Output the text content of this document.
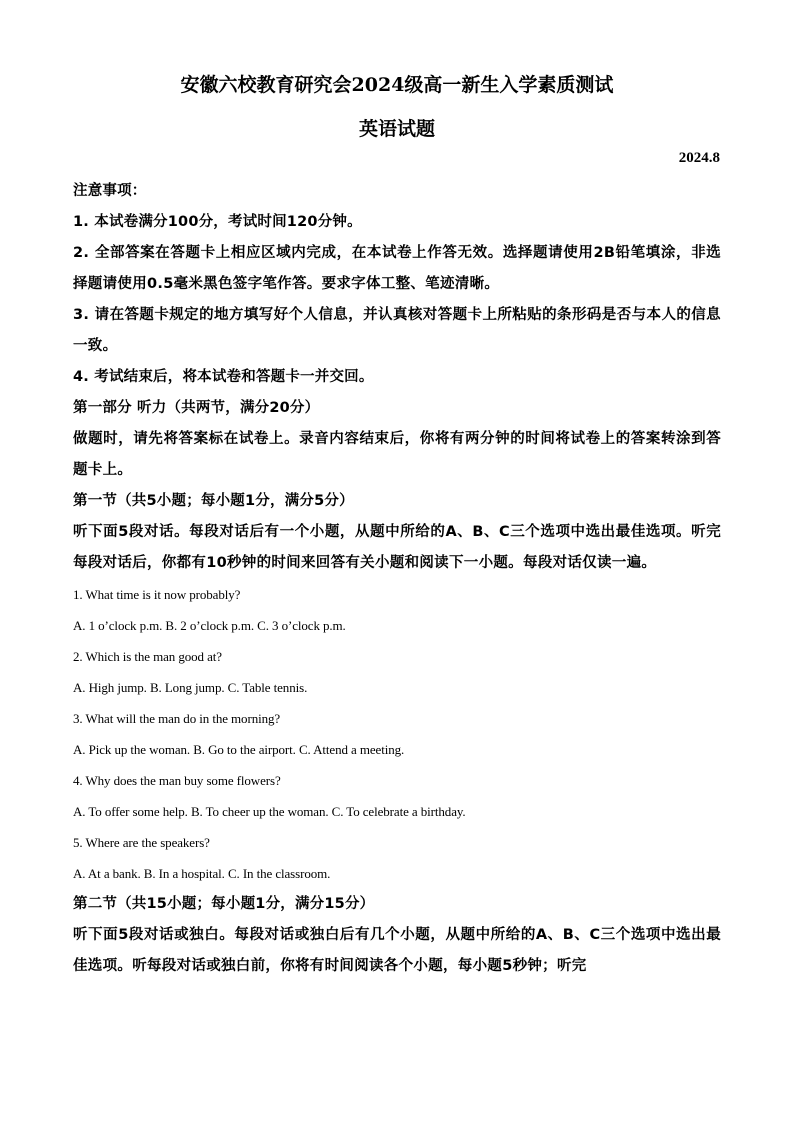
安徽六校教育研究会2024级高一新生入学素质测试
英语试题
2024.8

注意事项：

1. 本试卷满分100分，考试时间120分钟。

2. 全部答案在答题卡上相应区域内完成，在本试卷上作答无效。选择题请使用2B铅笔填涂，非选择题请使用0.5毫米黑色签字笔作答。要求字体工整、笔迹清晰。

3. 请在答题卡规定的地方填写好个人信息，并认真核对答题卡上所粘贴的条形码是否与本人的信息一致。

4. 考试结束后，将本试卷和答题卡一并交回。

第一部分 听力（共两节，满分20分）

做题时，请先将答案标在试卷上。录音内容结束后，你将有两分钟的时间将试卷上的答案转涂到答题卡上。

第一节（共5小题；每小题1分，满分5分）

听下面5段对话。每段对话后有一个小题，从题中所给的A、B、C三个选项中选出最佳选项。听完每段对话后，你都有10秒钟的时间来回答有关小题和阅读下一小题。每段对话仅读一遍。

1. What time is it now probably?

A. 1 o’clock p.m. B. 2 o’clock p.m. C. 3 o’clock p.m.

2. Which is the man good at?

A. High jump. B. Long jump. C. Table tennis.

3. What will the man do in the morning?

A. Pick up the woman. B. Go to the airport. C. Attend a meeting.

4. Why does the man buy some flowers?

A. To offer some help. B. To cheer up the woman. C. To celebrate a birthday.

5. Where are the speakers?

A. At a bank. B. In a hospital. C. In the classroom.

第二节（共15小题；每小题1分，满分15分）

听下面5段对话或独白。每段对话或独白后有几个小题，从题中所给的A、B、C三个选项中选出最佳选项。听每段对话或独白前，你将有时间阅读各个小题，每小题5秒钟；听完
